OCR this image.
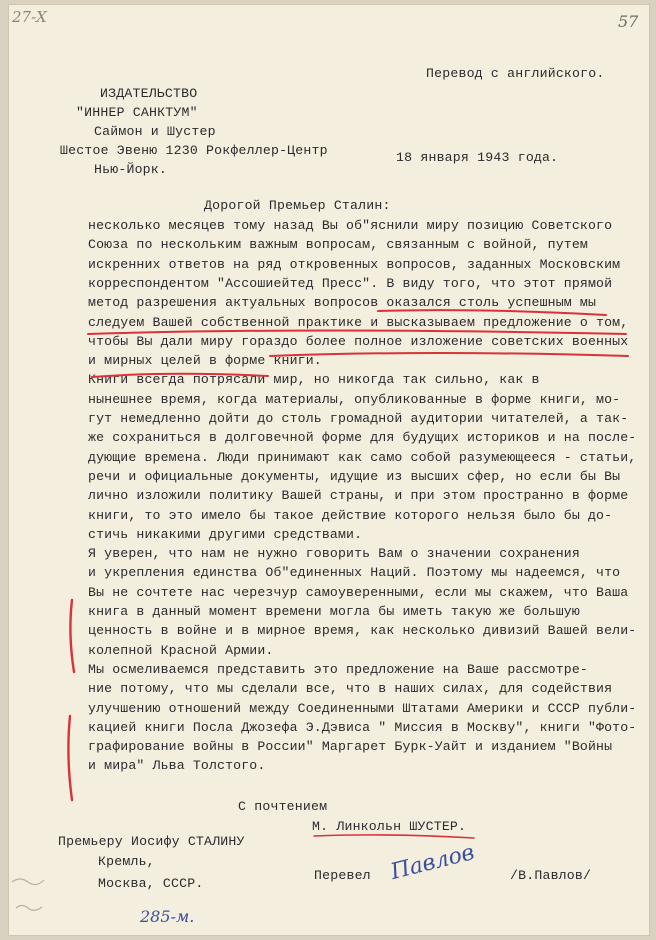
27-Х	57
Перевод с английского.
ИЗДАТЕЛЬСТВО
"ИННЕР САНКТУМ"
Саймон и Шустер
Шестое Эвеню 1230 Рокфеллер-Центр
Нью-Йорк.
18 января 1943 года.
Дорогой Премьер Сталин:
несколько месяцев тому назад Вы об"яснили миру позицию Советского
Союза по нескольким важным вопросам, связанным с войной, путем
искренних ответов на ряд откровенных вопросов, заданных Московским
корреспондентом "Ассошиейтед Пресс". В виду того, что этот прямой
метод разрешения актуальных вопросов оказался столь успешным мы
следуем Вашей собственной практике и высказываем предложение о том,
чтобы Вы дали миру гораздо более полное изложение советских военных
и мирных целей в форме книги.
Книги всегда потрясали мир, но никогда так сильно, как в
нынешнее время, когда материалы, опубликованные в форме книги, мо-
гут немедленно дойти до столь громадной аудитории читателей, а так-
же сохраниться в долговечной форме для будущих историков и на после-
дующие времена. Люди принимают как само собой разумеющееся - статьи,
речи и официальные документы, идущие из высших сфер, но если бы Вы
лично изложили политику Вашей страны, и при этом пространно в форме
книги, то это имело бы такое действие которого нельзя было бы до-
стичь никакими другими средствами.
Я уверен, что нам не нужно говорить Вам о значении сохранения
и укрепления единства Об"единенных Наций. Поэтому мы надеемся, что
Вы не сочтете нас черезчур самоуверенными, если мы скажем, что Ваша
книга в данный момент времени могла бы иметь такую же большую
ценность в войне и в мирное время, как несколько дивизий Вашей вели-
колепной Красной Армии.
Мы осмеливаемся представить это предложение на Ваше рассмотре-
ние потому, что мы сделали все, что в наших силах, для содействия
улучшению отношений между Соединенными Штатами Америки и СССР публи-
кацией книги Посла Джозефа Э.Дэвиса " Миссия в Москву", книги "Фото-
графирование войны в России" Маргарет Бурк-Уайт и изданием "Войны
и мира" Льва Толстого.
С почтением
М. Линкольн ШУСТЕР.
Премьеру Иосифу СТАЛИНУ
Кремль,
Москва, СССР.
Перевел Павлов	/В.Павлов/
285-м.
